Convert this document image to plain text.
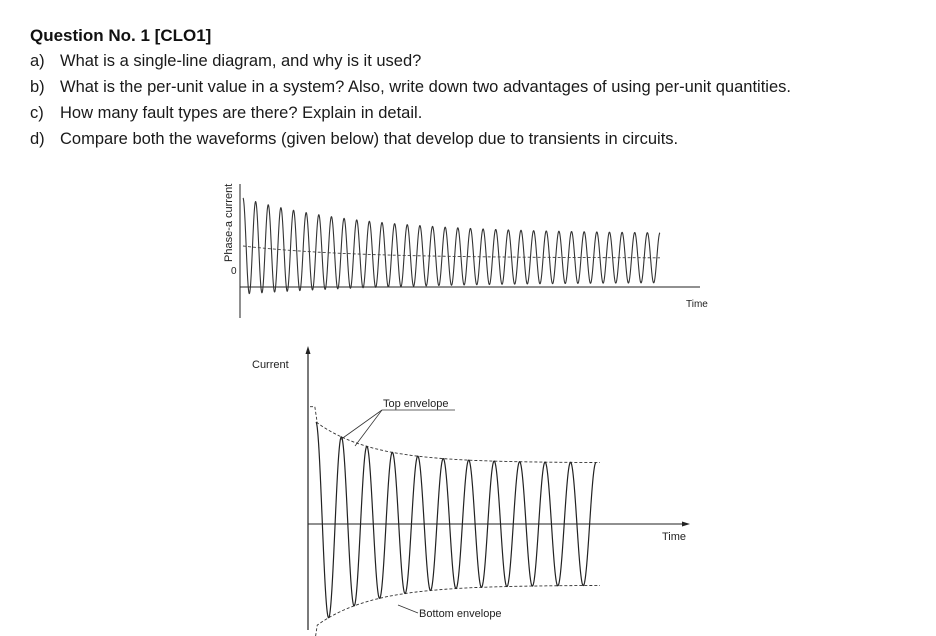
Question No. 1 [CLO1]
a) What is a single-line diagram, and why is it used?
b) What is the per-unit value in a system? Also, write down two advantages of using per-unit quantities.
c) How many fault types are there? Explain in detail.
d) Compare both the waveforms (given below) that develop due to transients in circuits.
Phase-a current
0
Time
Current
Time
Top envelope
Bottom envelope
